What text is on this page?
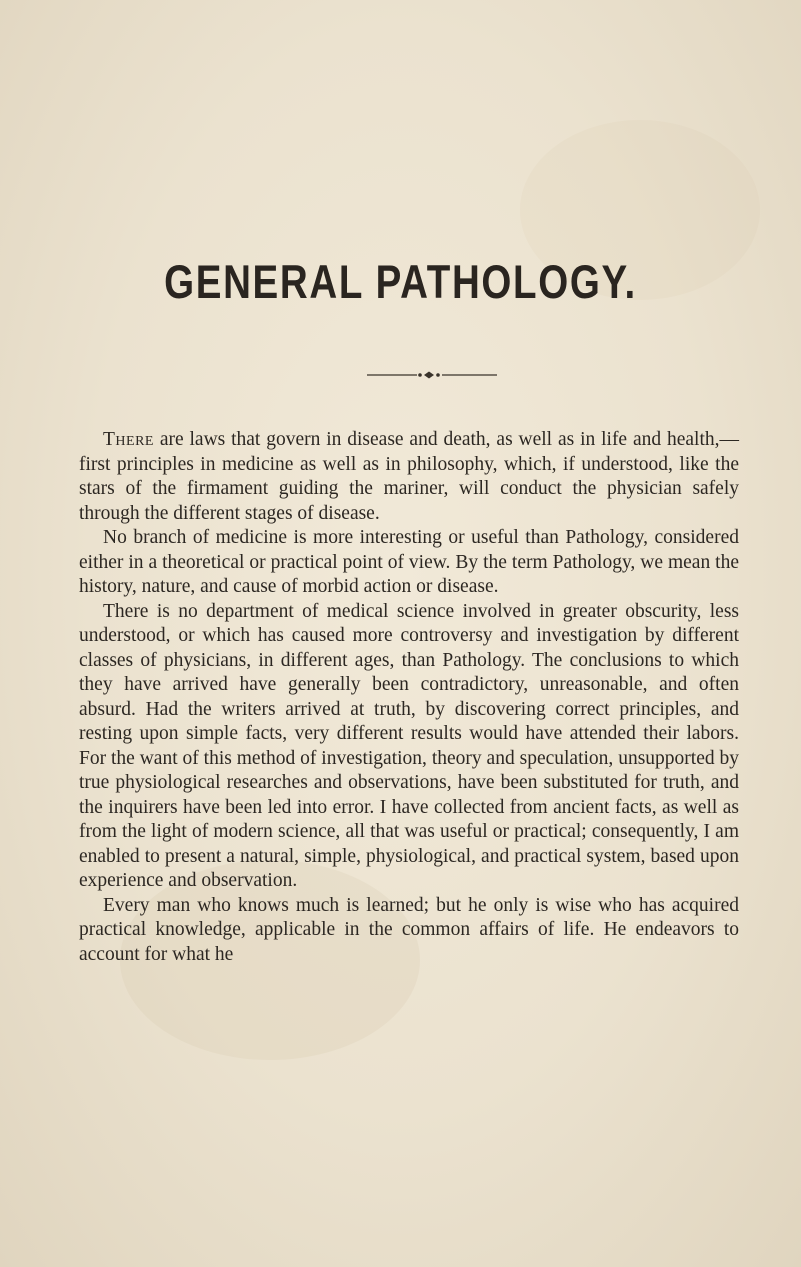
GENERAL PATHOLOGY.

There are laws that govern in disease and death, as well as in life and health,—first principles in medicine as well as in philosophy, which, if understood, like the stars of the firmament guiding the mariner, will conduct the physician safely through the different stages of disease.

No branch of medicine is more interesting or useful than Pathology, considered either in a theoretical or practical point of view. By the term Pathology, we mean the history, nature, and cause of morbid action or disease.

There is no department of medical science involved in greater obscurity, less understood, or which has caused more controversy and investigation by different classes of physicians, in different ages, than Pathology. The conclusions to which they have arrived have generally been contradictory, unreasonable, and often absurd. Had the writers arrived at truth, by discovering correct principles, and resting upon simple facts, very different results would have attended their labors. For the want of this method of investigation, theory and speculation, unsupported by true physiological researches and observations, have been substituted for truth, and the inquirers have been led into error. I have collected from ancient facts, as well as from the light of modern science, all that was useful or practical; consequently, I am enabled to present a natural, simple, physiological, and practical system, based upon experience and observation.

Every man who knows much is learned; but he only is wise who has acquired practical knowledge, applicable in the common affairs of life. He endeavors to account for what he
